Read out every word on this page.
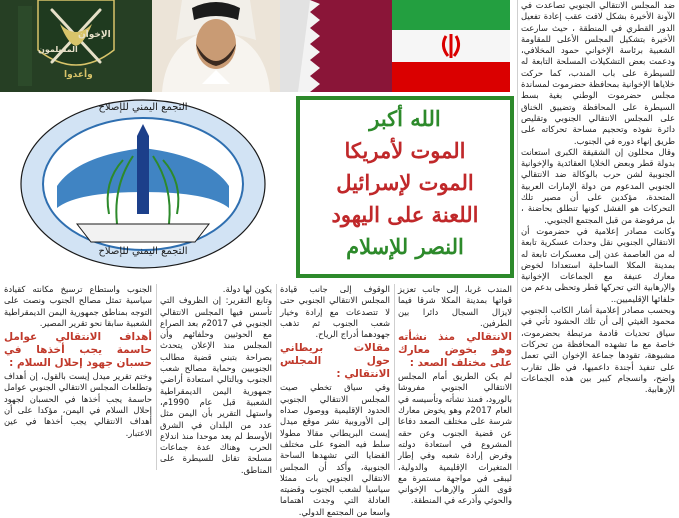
الإخوان
المسلمون
وأعدوا
التجمع اليمني للإصلاح
التجمع اليمني للإصلاح
الله أكبر
الموت لأمريكا
الموت لإسرائيل
اللعنة على اليهود
النصر للإسلام

ضد المجلس الانتقالي الجنوبي تصاعدت في الآونة الأخيرة بشكل لافت عقب إعادة تفعيل الدور القطري في المنطقة ، حيث سارعت الأخيرة بتشكيل المجلس الأعلى للمقاومة الشعبية برئاسة الإخواني حمود المخلافي، ودعمت بعض التشكيلات المسلحة التابعة له للسيطرة على باب المندب، كما حركت خلاياها الإخوانية بمحافظة حضرموت لمساندة مجلس حضرموت الوطني بغية بسط السيطرة على المحافظة وتضييق الخناق على المجلس الانتقالي الجنوبي وتقليص دائرة نفوذه وتحجيم مساحة تحركاته على طريق إنهاء دوره في الجنوب.

وقال محللون إن الشقيقة الكبرى استعانت بدولة قطر وبعض الخلايا العقائدية والإخوانية الجنوبية لشن حرب بالوكالة ضد الانتقالي الجنوبي المدعوم من دولة الإمارات العربية المتحدة، مؤكدين على أن مصير تلك التحركات هو الفشل كونها تنطلق بحاضنة ، بل مرفوضة من قبل المجتمع الجنوبي.

وكانت مصادر إعلامية في حضرموت أن الانتقالي الجنوبي نقل وحدات عسكرية تابعة له من العاصمة عدن إلى معسكرات تابعة له بمدينة المكلا الساحلية استعدادا لخوض معارك عنيفة مع الجماعات الإخوانية والإرهابية التي تحركها قطر وتحظى بدعم من حلفائها الإقليميين..

وبحسب مصادر إعلامية أشار الكاتب الجنوبي محمود الغيثي إلى أن تلك الحشود تأتي في سياق تحديات قادمة مرتبطة بحضرموت، خاصة مع ما تشهده المحافظة من تحركات مشبوهة، تقودها جماعة الإخوان التي تعمل على تنفيذ أجندة داعميها، في ظل تقارب واضح، وانسجام كبير بين هذه الجماعات الإرهابية.

المندب غربا، إلى جانب تعزيز قواتها بمدينة المكلا شرقا فيما لايزال السجال دائرا بين الطرفين.

الانتقالي منذ نشأته وهو بخوض معارك على مختلف الصعد :

لم يكن الطريق أمام المجلس الانتقالي الجنوبي مفروشا بالورود، فمنذ نشأته وتأسيسه في العام 2017م وهو يخوض معارك شرسة على مختلف الصعد دفاعا عن قضية الجنوب وعن حقه المشروع في استعادة دولته وفرض إرادة شعبه وفي إطار المتغيرات الإقليمية والدولية، ليبقى في مواجهة مستمرة مع قوى الشر والإرهاب الإخواني والحوثي وأذرعه في المنطقة.

الوقوف إلى جانب قيادة المجلس الانتقالي الجنوبي حتى لا تتصدعات مع إرادة وخيار شعب الجنوب ثم تذهب جهودهما أدراج الرياح.

مقالات بريطاني حول المجلس الانتقالي :

وفي سياق تخطي صيت المجلس الانتقالي الجنوبي الحدود الإقليمية ووصول صداه إلى الأوروبية نشر موقع ميدل إيست البريطاني مقالا مطولا سلط فيه الضوء على مختلف القضايا التي تشهدها الساحة الجنوبية، وأكد أن المجلس الانتقالي الجنوبي بات ممثلا سياسيا لشعب الجنوب وقضيته العادلة التي وجدت اهتماما واسعا من المجتمع الدولي.

يكون لها دولة.

وتابع التقرير: إن الظروف التي تأسس فيها المجلس الانتقالي الجنوبي في 2017م بعد الصراع مع الحوثيين وحلفائهم وأن المجلس منذ الإعلان يتحدث بصراحة بتبني قضية مطالب الجنوبيين وحماية مصالح شعب الجنوب وبالتالي استعادة أراضي جمهورية اليمن الديمقراطية الشعبية قبل عام 1990م، واستهل التقرير بأن اليمن مثل عدد من البلدان في الشرق الأوسط لم يعد موحدا منذ اندلاع الحرب وهناك عدة جماعات مسلحة تقاتل للسيطرة على المناطق.

الجنوب واستطاع ترسيخ مكانته كقيادة سياسية تمثل مصالح الجنوب ونصت على التوجه بمناطق جمهورية اليمن الديمقراطية الشعبية سابقا نحو تقرير المصير.

أهداف الانتقالي عوامل حاسمة يجب أخذها في حسبان جهود إحلال السلام :

وختم تقرير ميدل إيست بالقول، إن أهداف وتطلعات المجلس الانتقالي الجنوبي عوامل حاسمة يجب أخذها في الحسبان لجهود إحلال السلام في اليمن، مؤكدا على أن أهداف الانتقالي يجب أخذها في عين الاعتبار.
